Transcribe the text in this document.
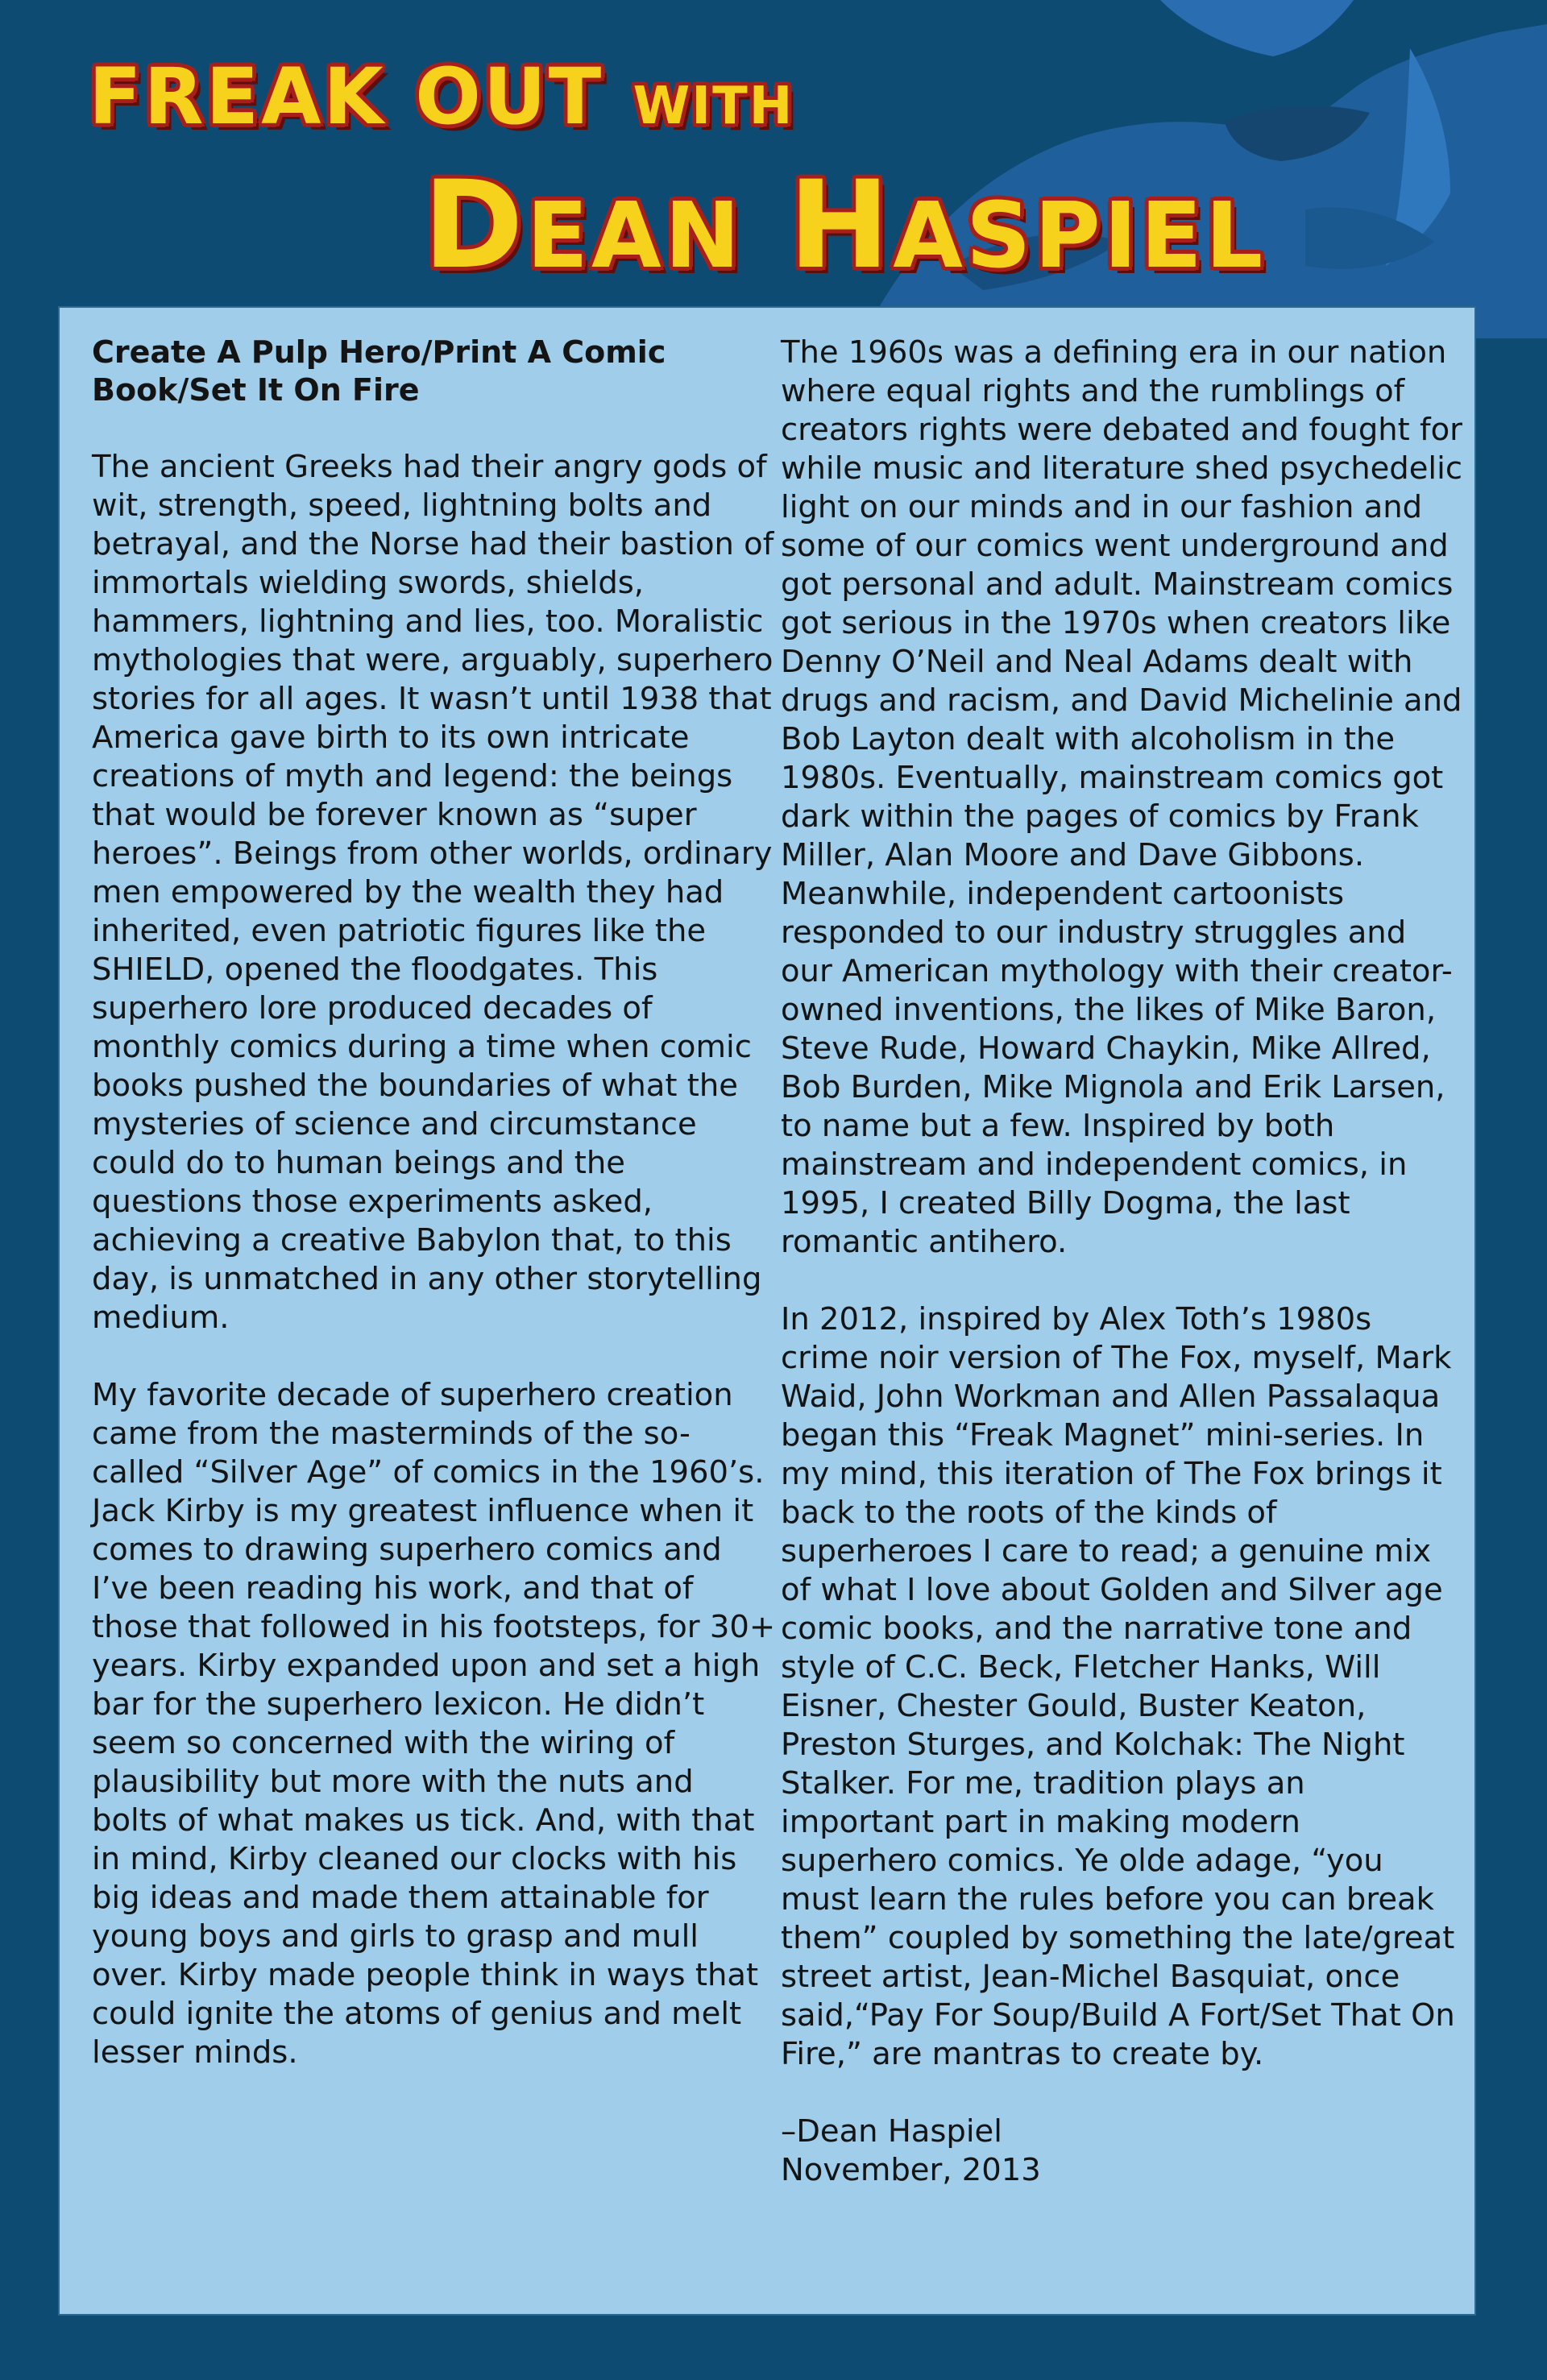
FREAK OUT WITH
DEAN HASPIEL
Create A Pulp Hero/Print A Comic Book/Set It On Fire

The ancient Greeks had their angry gods of wit, strength, speed, lightning bolts and betrayal, and the Norse had their bastion of immortals wielding swords, shields, hammers, lightning and lies, too. Moralistic mythologies that were, arguably, superhero stories for all ages. It wasn’t until 1938 that America gave birth to its own intricate creations of myth and legend: the beings that would be forever known as “super heroes”. Beings from other worlds, ordinary men empowered by the wealth they had inherited, even patriotic figures like the SHIELD, opened the floodgates. This superhero lore produced decades of monthly comics during a time when comic books pushed the boundaries of what the mysteries of science and circumstance could do to human beings and the questions those experiments asked, achieving a creative Babylon that, to this day, is unmatched in any other storytelling medium.

My favorite decade of superhero creation came from the masterminds of the so-called “Silver Age” of comics in the 1960’s. Jack Kirby is my greatest influence when it comes to drawing superhero comics and I’ve been reading his work, and that of those that followed in his footsteps, for 30+ years. Kirby expanded upon and set a high bar for the superhero lexicon. He didn’t seem so concerned with the wiring of plausibility but more with the nuts and bolts of what makes us tick. And, with that in mind, Kirby cleaned our clocks with his big ideas and made them attainable for young boys and girls to grasp and mull over. Kirby made people think in ways that could ignite the atoms of genius and melt lesser minds.

The 1960s was a defining era in our nation where equal rights and the rumblings of creators rights were debated and fought for while music and literature shed psychedelic light on our minds and in our fashion and some of our comics went underground and got personal and adult. Mainstream comics got serious in the 1970s when creators like Denny O’Neil and Neal Adams dealt with drugs and racism, and David Michelinie and Bob Layton dealt with alcoholism in the 1980s. Eventually, mainstream comics got dark within the pages of comics by Frank Miller, Alan Moore and Dave Gibbons. Meanwhile, independent cartoonists responded to our industry struggles and our American mythology with their creator-owned inventions, the likes of Mike Baron, Steve Rude, Howard Chaykin, Mike Allred, Bob Burden, Mike Mignola and Erik Larsen, to name but a few. Inspired by both mainstream and independent comics, in 1995, I created Billy Dogma, the last romantic antihero.

In 2012, inspired by Alex Toth’s 1980s crime noir version of The Fox, myself, Mark Waid, John Workman and Allen Passalaqua began this “Freak Magnet” mini-series. In my mind, this iteration of The Fox brings it back to the roots of the kinds of superheroes I care to read; a genuine mix of what I love about Golden and Silver age comic books, and the narrative tone and style of C.C. Beck, Fletcher Hanks, Will Eisner, Chester Gould, Buster Keaton, Preston Sturges, and Kolchak: The Night Stalker. For me, tradition plays an important part in making modern superhero comics. Ye olde adage, “you must learn the rules before you can break them” coupled by something the late/great street artist, Jean-Michel Basquiat, once said,“Pay For Soup/Build A Fort/Set That On Fire,” are mantras to create by.

–Dean Haspiel
November, 2013
